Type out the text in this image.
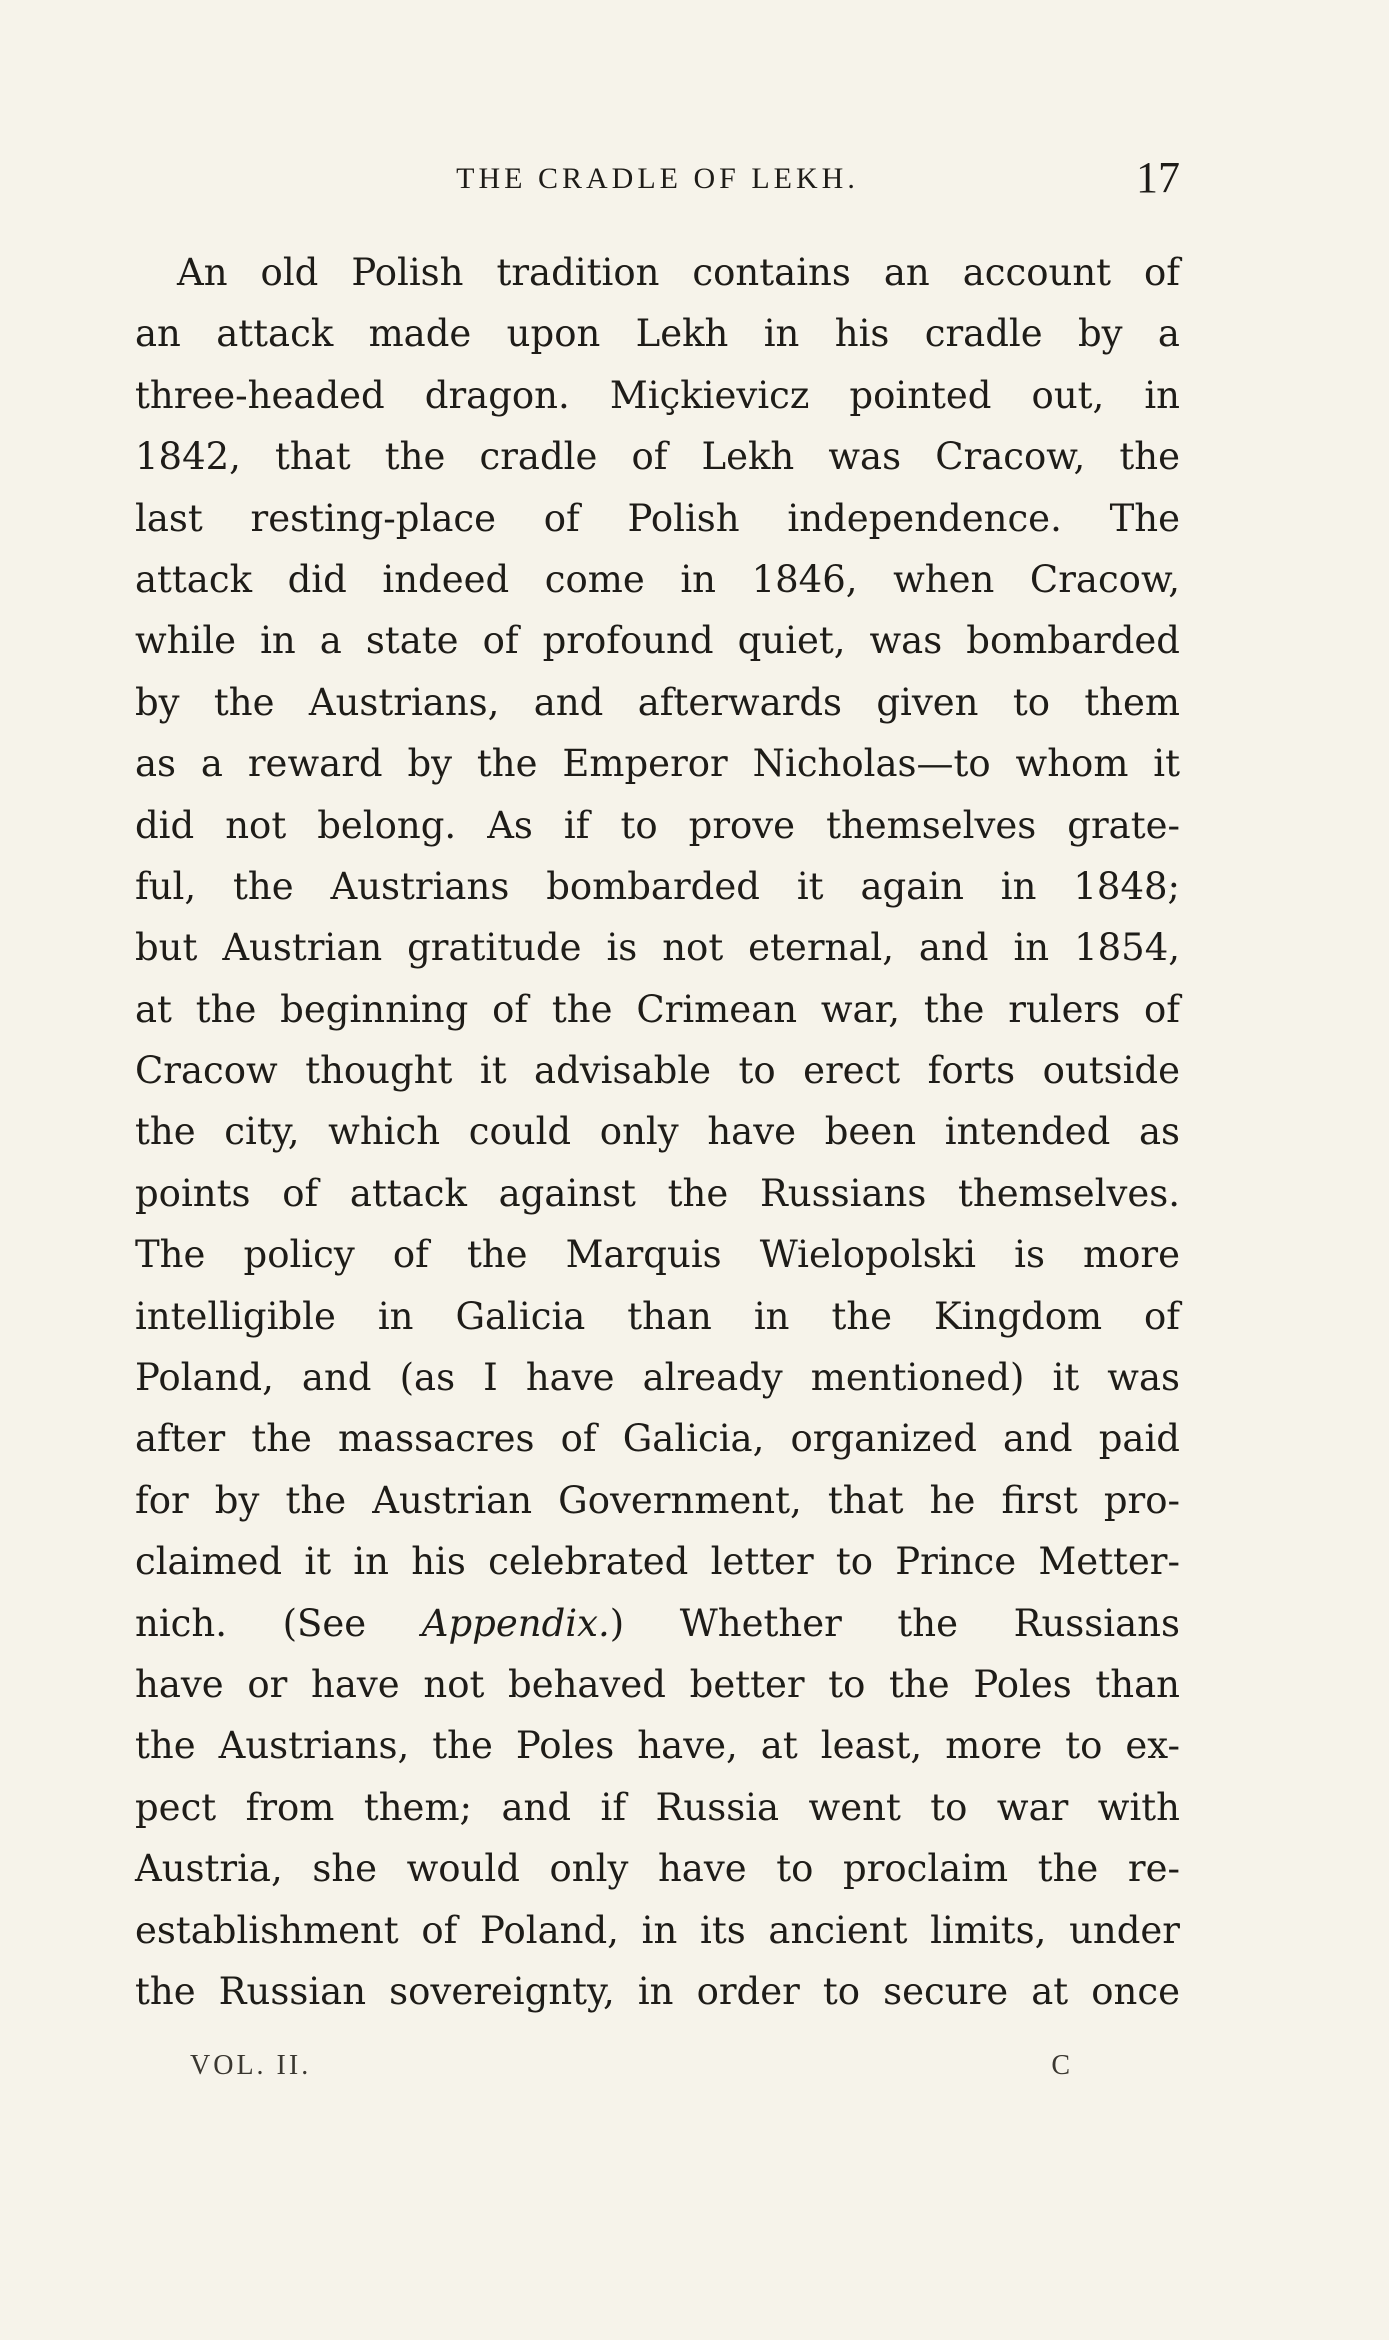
THE CRADLE OF LEKH.	17
An old Polish tradition contains an account of
an attack made upon Lekh in his cradle by a
three-headed dragon. Miçkievicz pointed out, in
1842, that the cradle of Lekh was Cracow, the
last resting-place of Polish independence. The
attack did indeed come in 1846, when Cracow,
while in a state of profound quiet, was bombarded
by the Austrians, and afterwards given to them
as a reward by the Emperor Nicholas—to whom it
did not belong. As if to prove themselves grate-
ful, the Austrians bombarded it again in 1848;
but Austrian gratitude is not eternal, and in 1854,
at the beginning of the Crimean war, the rulers of
Cracow thought it advisable to erect forts outside
the city, which could only have been intended as
points of attack against the Russians themselves.
The policy of the Marquis Wielopolski is more
intelligible in Galicia than in the Kingdom of
Poland, and (as I have already mentioned) it was
after the massacres of Galicia, organized and paid
for by the Austrian Government, that he first pro-
claimed it in his celebrated letter to Prince Metter-
nich. (See Appendix.) Whether the Russians
have or have not behaved better to the Poles than
the Austrians, the Poles have, at least, more to ex-
pect from them; and if Russia went to war with
Austria, she would only have to proclaim the re-
establishment of Poland, in its ancient limits, under
the Russian sovereignty, in order to secure at once
VOL. II.	C
